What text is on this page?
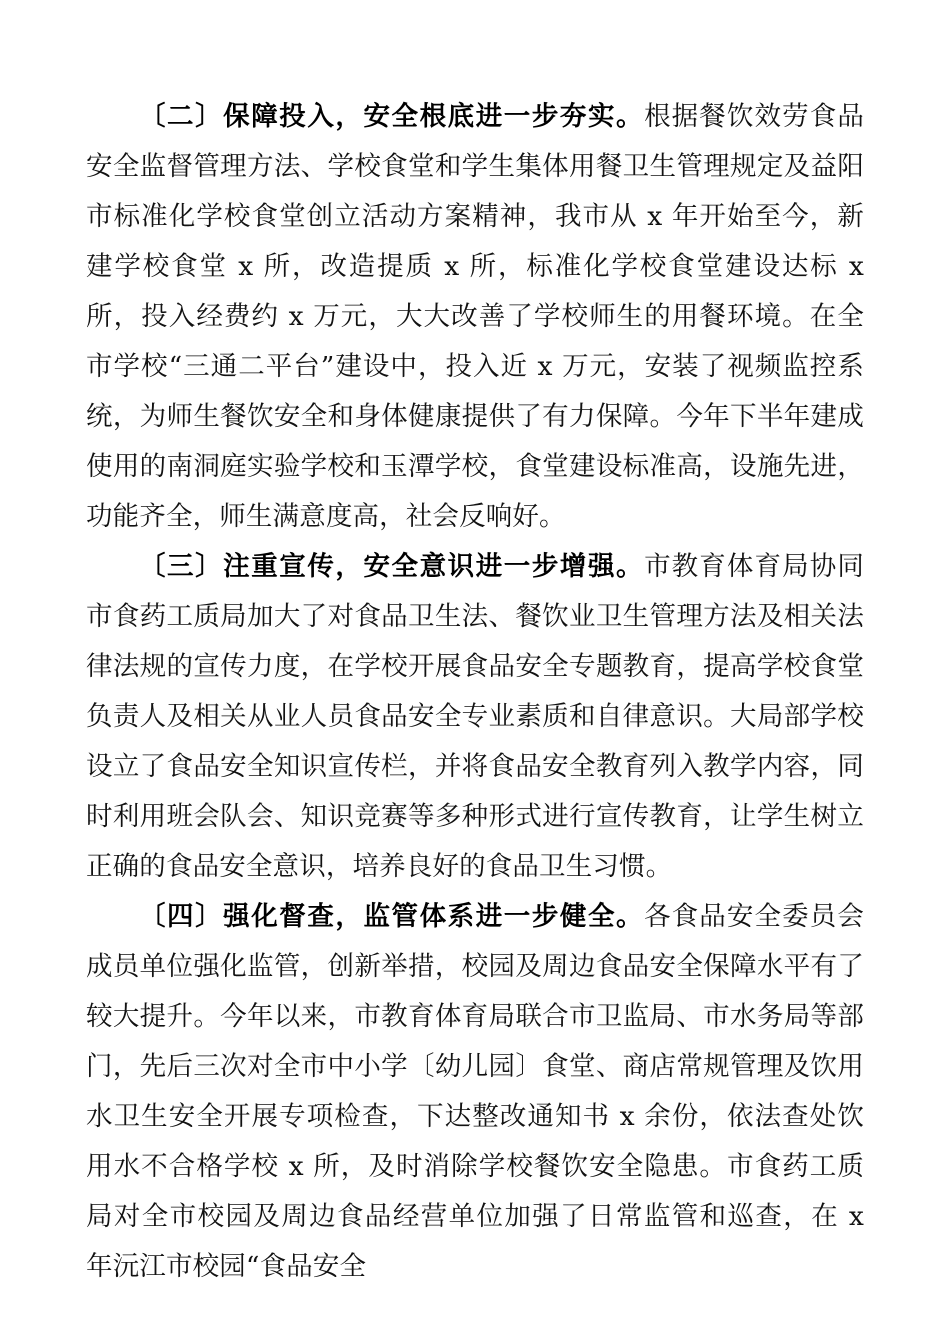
〔二〕保障投入，安全根底进一步夯实。根据餐饮效劳食品安全监督管理方法、学校食堂和学生集体用餐卫生管理规定及益阳市标准化学校食堂创立活动方案精神，我市从 x 年开始至今，新建学校食堂 x 所，改造提质 x 所，标准化学校食堂建设达标 x 所，投入经费约 x 万元，大大改善了学校师生的用餐环境。在全市学校“三通二平台”建设中，投入近 x 万元，安装了视频监控系统，为师生餐饮安全和身体健康提供了有力保障。今年下半年建成使用的南洞庭实验学校和玉潭学校，食堂建设标准高，设施先进，功能齐全，师生满意度高，社会反响好。

〔三〕注重宣传，安全意识进一步增强。市教育体育局协同市食药工质局加大了对食品卫生法、餐饮业卫生管理方法及相关法律法规的宣传力度，在学校开展食品安全专题教育，提高学校食堂负责人及相关从业人员食品安全专业素质和自律意识。大局部学校设立了食品安全知识宣传栏，并将食品安全教育列入教学内容，同时利用班会队会、知识竞赛等多种形式进行宣传教育，让学生树立正确的食品安全意识，培养良好的食品卫生习惯。

〔四〕强化督查，监管体系进一步健全。各食品安全委员会成员单位强化监管，创新举措，校园及周边食品安全保障水平有了较大提升。今年以来，市教育体育局联合市卫监局、市水务局等部门，先后三次对全市中小学〔幼儿园〕食堂、商店常规管理及饮用水卫生安全开展专项检查，下达整改通知书 x 余份，依法查处饮用水不合格学校 x 所，及时消除学校餐饮安全隐患。市食药工质局对全市校园及周边食品经营单位加强了日常监管和巡查，在 x 年沅江市校园“食品安全
